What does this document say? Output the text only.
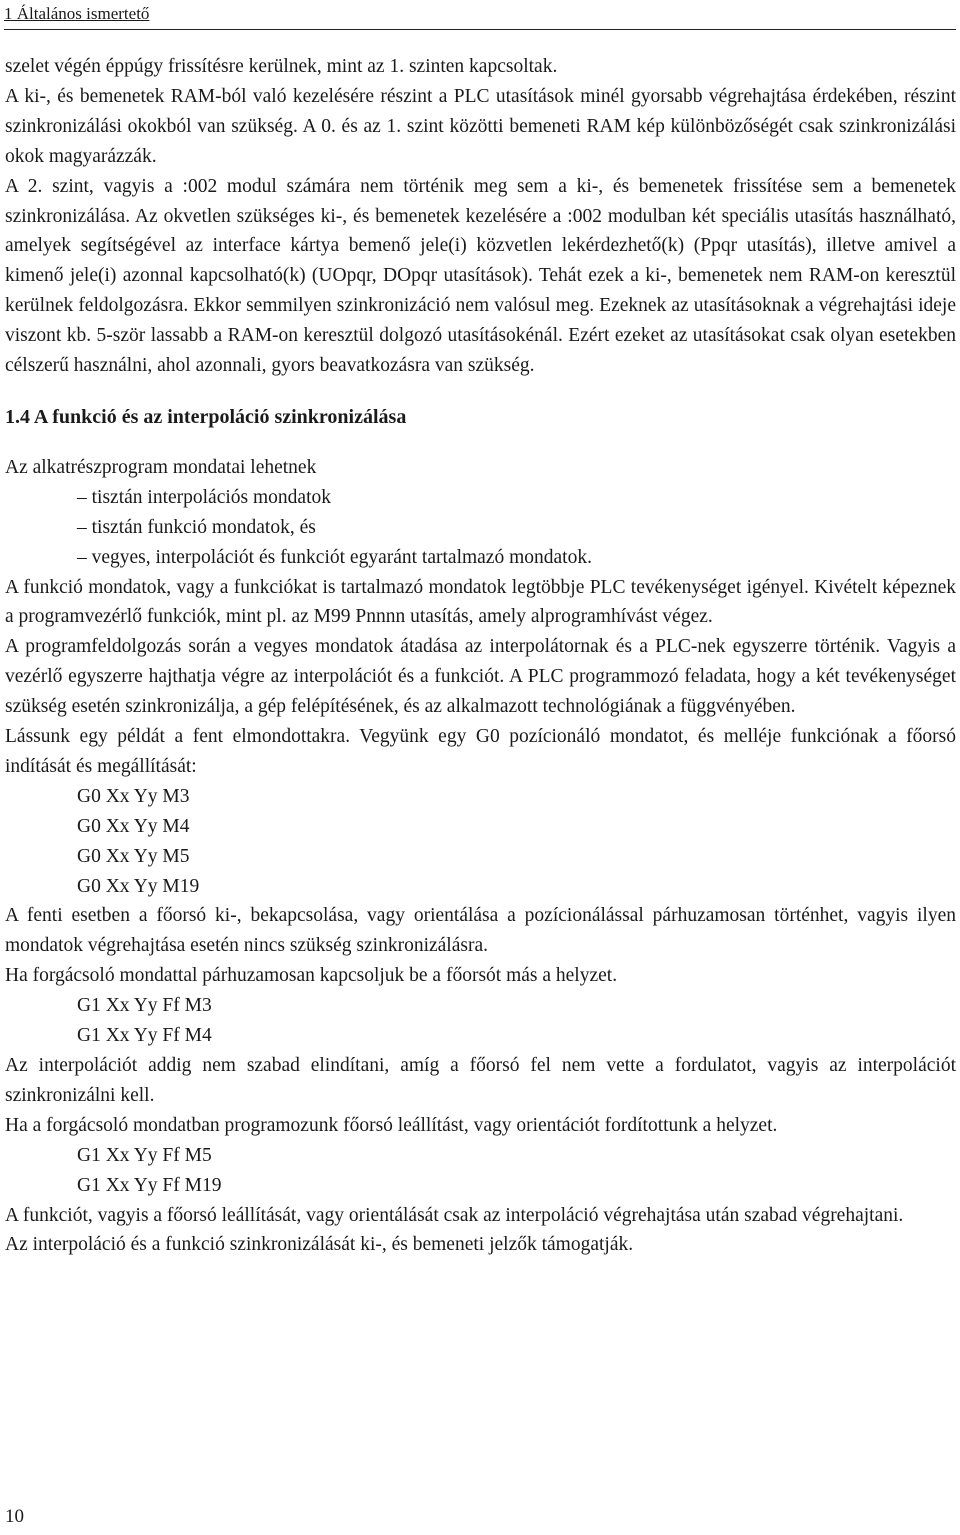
1 Általános ismertető

szelet végén éppúgy frissítésre kerülnek, mint az 1. szinten kapcsoltak.

A ki-, és bemenetek RAM-ból való kezelésére részint a PLC utasítások minél gyorsabb végrehajtása érdekében, részint szinkronizálási okokból van szükség. A 0. és az 1. szint közötti bemeneti RAM kép különbözőségét csak szinkronizálási okok magyarázzák.

A 2. szint, vagyis a :002 modul számára nem történik meg sem a ki-, és bemenetek frissítése sem a bemenetek szinkronizálása. Az okvetlen szükséges ki-, és bemenetek kezelésére a :002 modulban két speciális utasítás használható, amelyek segítségével az interface kártya bemenő jele(i) közvetlen lekérdezhető(k) (Ppqr utasítás), illetve amivel a kimenő jele(i) azonnal kapcsolható(k) (UOpqr, DOpqr utasítások). Tehát ezek a ki-, bemenetek nem RAM-on keresztül kerülnek feldolgozásra. Ekkor semmilyen szinkronizáció nem valósul meg. Ezeknek az utasításoknak a végrehajtási ideje viszont kb. 5-ször lassabb a RAM-on keresztül dolgozó utasításokénál. Ezért ezeket az utasításokat csak olyan esetekben célszerű használni, ahol azonnali, gyors beavatkozásra van szükség.

1.4 A funkció és az interpoláció szinkronizálása

Az alkatrészprogram mondatai lehetnek

– tisztán interpolációs mondatok

– tisztán funkció mondatok, és

– vegyes, interpolációt és funkciót egyaránt tartalmazó mondatok.

A funkció mondatok, vagy a funkciókat is tartalmazó mondatok legtöbbje PLC tevékenységet igényel. Kivételt képeznek a programvezérlő funkciók, mint pl. az M99 Pnnnn utasítás, amely alprogramhívást végez.

A programfeldolgozás során a vegyes mondatok átadása az interpolátornak és a PLC-nek egyszerre történik. Vagyis a vezérlő egyszerre hajthatja végre az interpolációt és a funkciót. A PLC programmozó feladata, hogy a két tevékenységet szükség esetén szinkronizálja, a gép felépítésének, és az alkalmazott technológiának a függvényében.

Lássunk egy példát a fent elmondottakra. Vegyünk egy G0 pozícionáló mondatot, és melléje funkciónak a főorsó indítását és megállítását:

G0 Xx Yy M3

G0 Xx Yy M4

G0 Xx Yy M5

G0 Xx Yy M19

A fenti esetben a főorsó ki-, bekapcsolása, vagy orientálása a pozícionálással párhuzamosan történhet, vagyis ilyen mondatok végrehajtása esetén nincs szükség szinkronizálásra.

Ha forgácsoló mondattal párhuzamosan kapcsoljuk be a főorsót más a helyzet.

G1 Xx Yy Ff M3

G1 Xx Yy Ff M4

Az interpolációt addig nem szabad elindítani, amíg a főorsó fel nem vette a fordulatot, vagyis az interpolációt szinkronizálni kell.

Ha a forgácsoló mondatban programozunk főorsó leállítást, vagy orientációt fordítottunk a helyzet.

G1 Xx Yy Ff M5

G1 Xx Yy Ff M19

A funkciót, vagyis a főorsó leállítását, vagy orientálását csak az interpoláció végrehajtása után szabad végrehajtani.

Az interpoláció és a funkció szinkronizálását ki-, és bemeneti jelzők támogatják.

10
